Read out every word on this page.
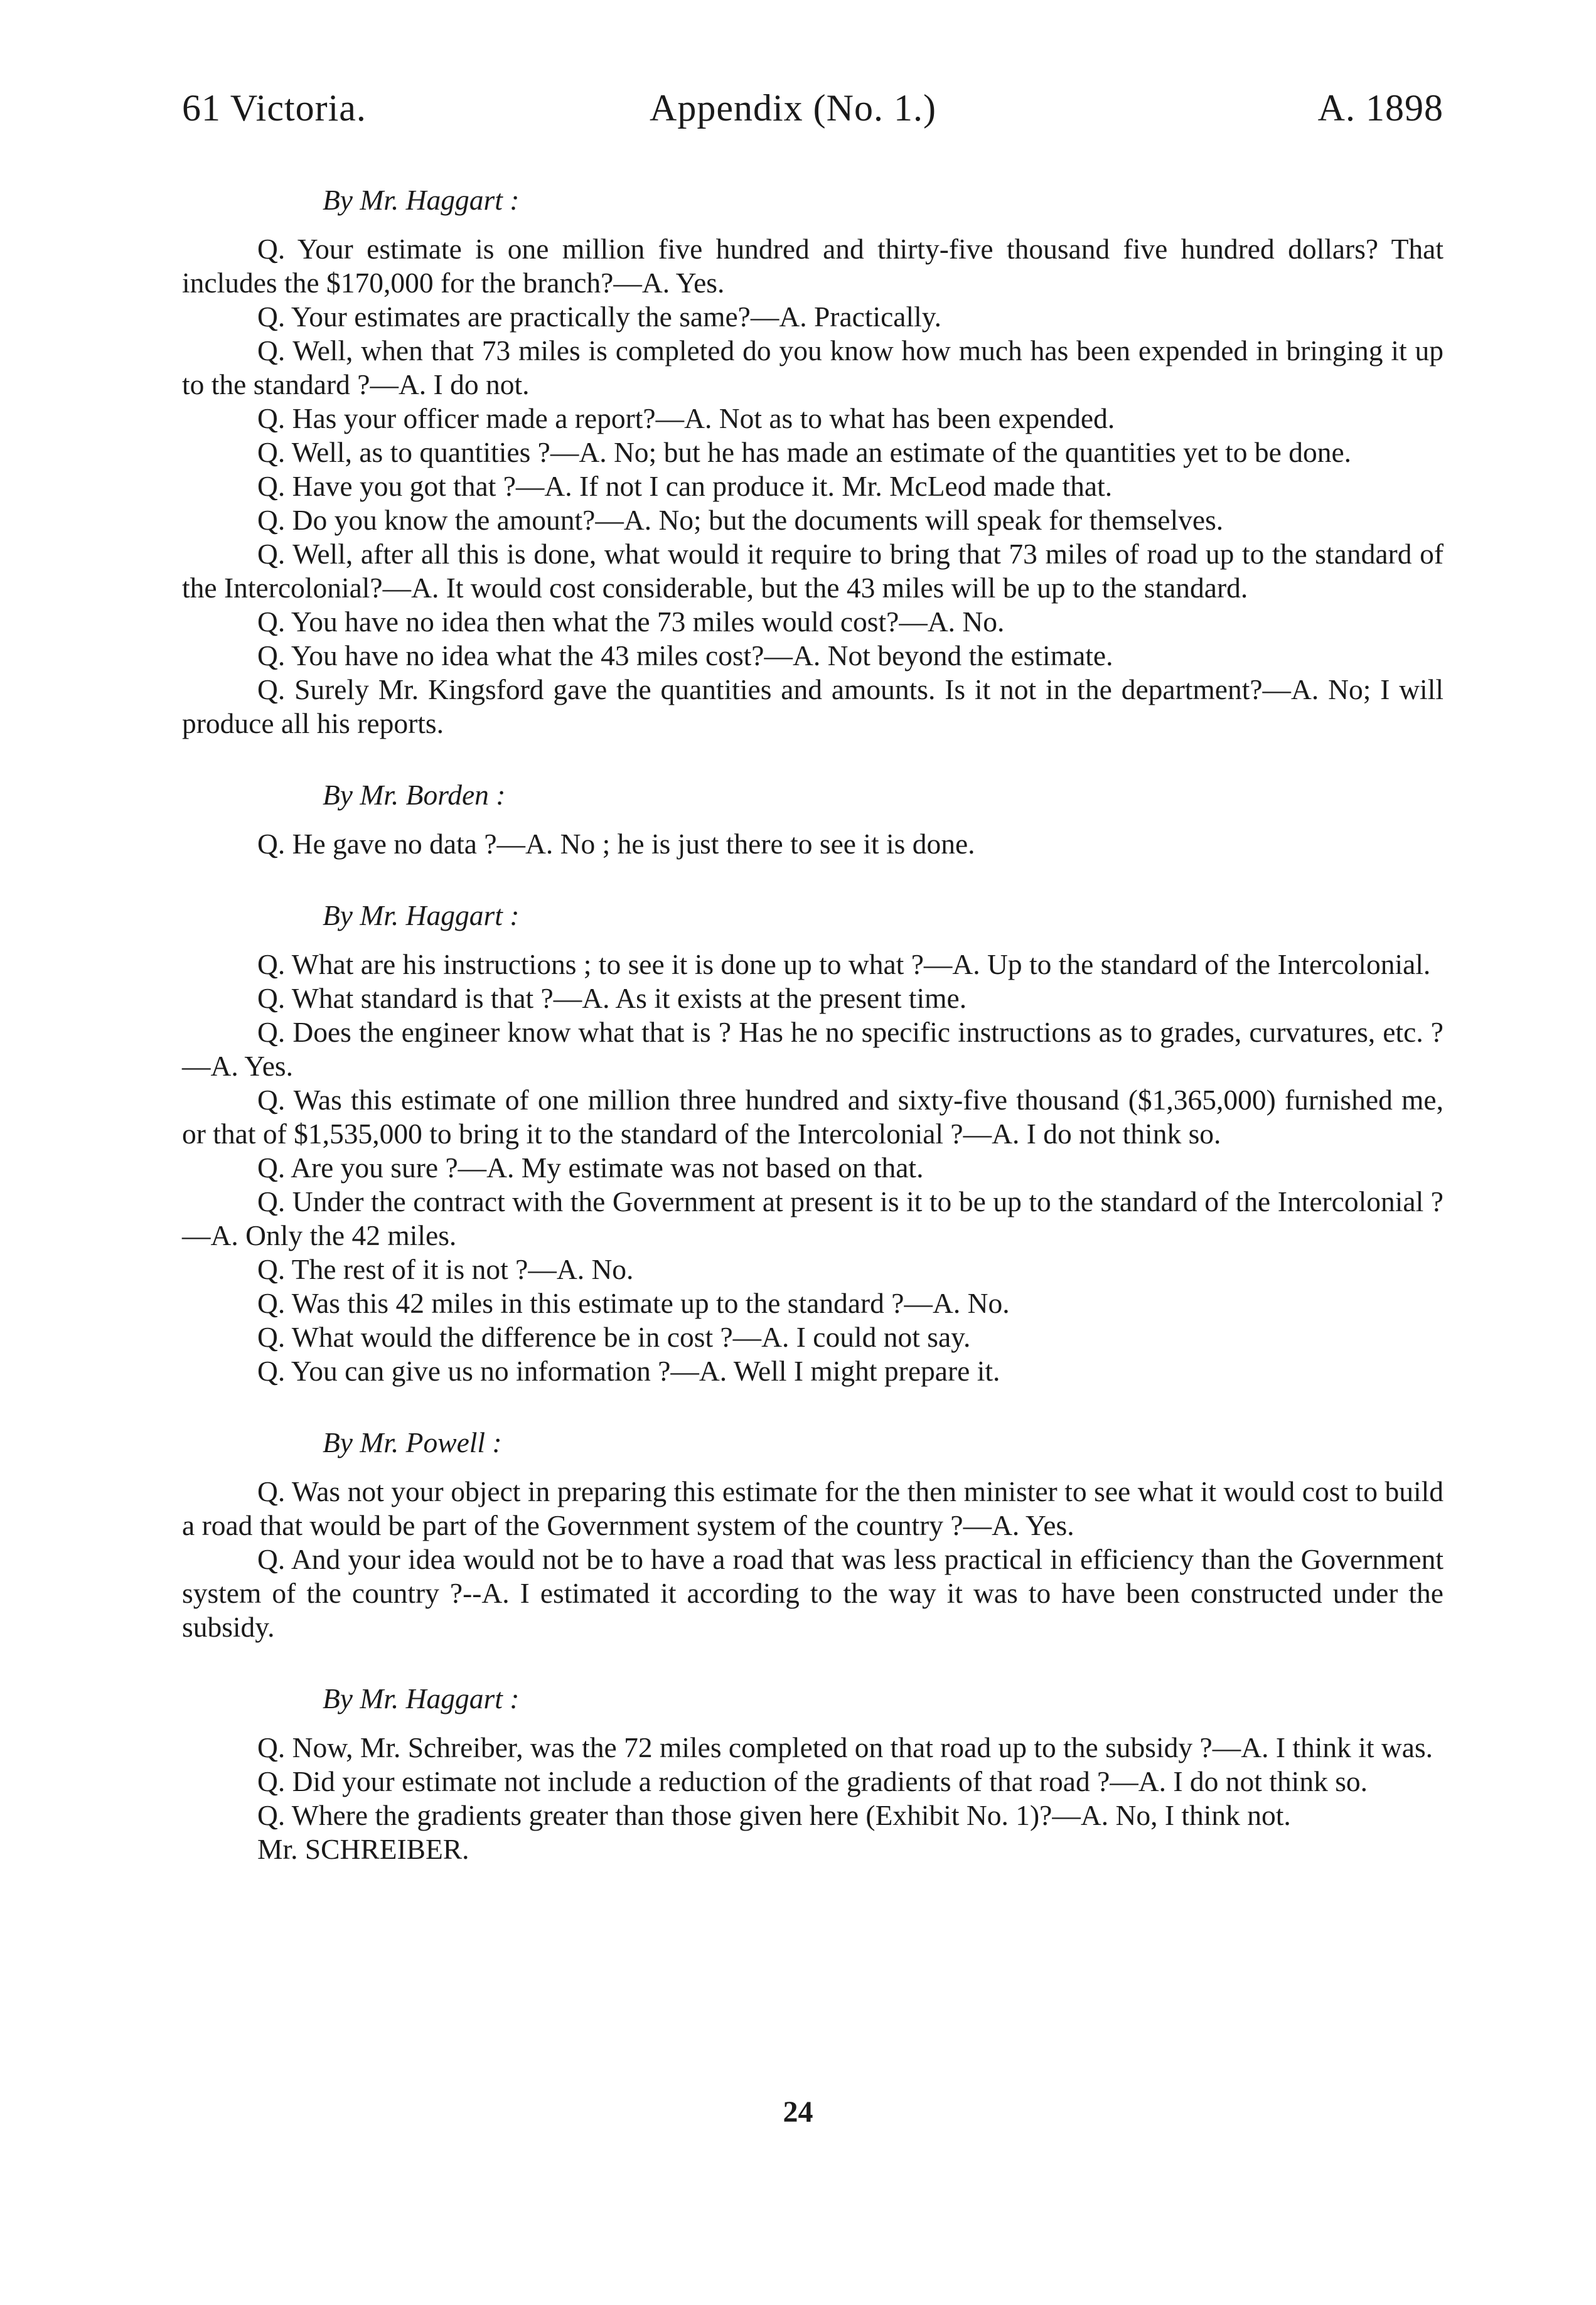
61 Victoria.	Appendix (No. 1.)	A. 1898
By Mr. Haggart :

Q. Your estimate is one million five hundred and thirty-five thousand five hundred dollars? That includes the $170,000 for the branch?—A. Yes.

Q. Your estimates are practically the same?—A. Practically.

Q. Well, when that 73 miles is completed do you know how much has been expended in bringing it up to the standard ?—A. I do not.

Q. Has your officer made a report?—A. Not as to what has been expended.

Q. Well, as to quantities ?—A. No; but he has made an estimate of the quantities yet to be done.

Q. Have you got that ?—A. If not I can produce it. Mr. McLeod made that.

Q. Do you know the amount?—A. No; but the documents will speak for themselves.

Q. Well, after all this is done, what would it require to bring that 73 miles of road up to the standard of the Intercolonial?—A. It would cost considerable, but the 43 miles will be up to the standard.

Q. You have no idea then what the 73 miles would cost?—A. No.

Q. You have no idea what the 43 miles cost?—A. Not beyond the estimate.

Q. Surely Mr. Kingsford gave the quantities and amounts. Is it not in the department?—A. No; I will produce all his reports.

By Mr. Borden :

Q. He gave no data ?—A. No ; he is just there to see it is done.

By Mr. Haggart :

Q. What are his instructions ; to see it is done up to what ?—A. Up to the standard of the Intercolonial.

Q. What standard is that ?—A. As it exists at the present time.

Q. Does the engineer know what that is ? Has he no specific instructions as to grades, curvatures, etc. ?—A. Yes.

Q. Was this estimate of one million three hundred and sixty-five thousand ($1,365,000) furnished me, or that of $1,535,000 to bring it to the standard of the Intercolonial ?—A. I do not think so.

Q. Are you sure ?—A. My estimate was not based on that.

Q. Under the contract with the Government at present is it to be up to the standard of the Intercolonial ?—A. Only the 42 miles.

Q. The rest of it is not ?—A. No.

Q. Was this 42 miles in this estimate up to the standard ?—A. No.

Q. What would the difference be in cost ?—A. I could not say.

Q. You can give us no information ?—A. Well I might prepare it.

By Mr. Powell :

Q. Was not your object in preparing this estimate for the then minister to see what it would cost to build a road that would be part of the Government system of the country ?—A. Yes.

Q. And your idea would not be to have a road that was less practical in efficiency than the Government system of the country ?--A. I estimated it according to the way it was to have been constructed under the subsidy.

By Mr. Haggart :

Q. Now, Mr. Schreiber, was the 72 miles completed on that road up to the subsidy ?—A. I think it was.

Q. Did your estimate not include a reduction of the gradients of that road ?—A. I do not think so.

Q. Where the gradients greater than those given here (Exhibit No. 1)?—A. No, I think not.

Mr. SCHREIBER.
24
